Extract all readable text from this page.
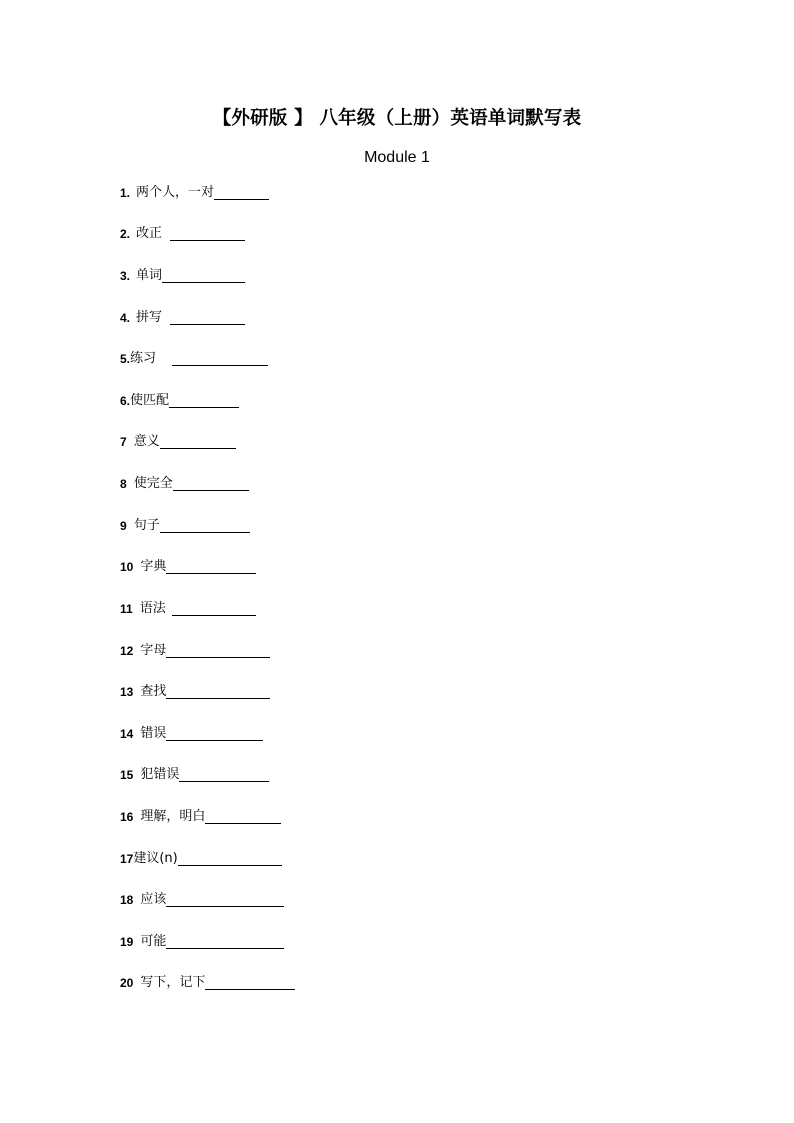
【外研版 】 八年级（上册）英语单词默写表
Module 1
1. 两个人，一对
2. 改正
3. 单词
4. 拼写
5. 练习
6. 使匹配
7 意义
8 使完全
9 句子
10 字典
11 语法
12 字母
13 查找
14 错误
15 犯错误
16 理解，明白
17 建议(n)
18 应该
19 可能
20 写下，记下
